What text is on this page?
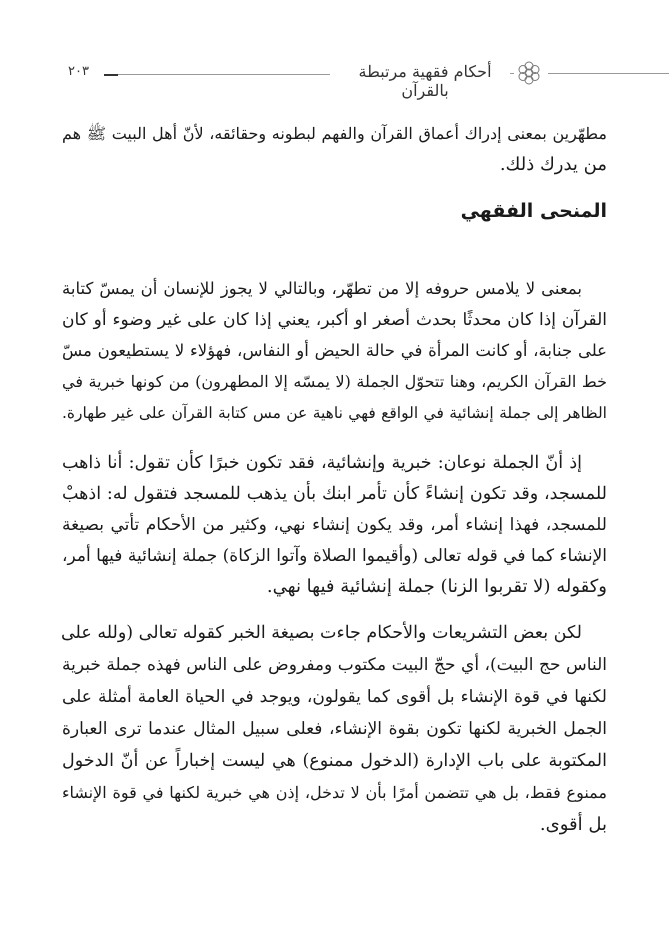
أحكام فقهية مرتبطة بالقرآن
٢٠٣
مطهّرين بمعنى إدراك أعماق القرآن والفهم لبطونه وحقائقه، لأنّ أهل البيت ﷺ هم
من يدرك ذلك.
المنحى الفقهي
بمعنى لا يلامس حروفه إلا من تطهّر، وبالتالي لا يجوز للإنسان أن يمسّ كتابة
القرآن إذا كان محدثًا بحدث أصغر او أكبر، يعني إذا كان على غير وضوء أو كان
على جنابة، أو كانت المرأة في حالة الحيض أو النفاس، فهؤلاء لا يستطيعون مسّ
خط القرآن الكريم، وهنا تتحوّل الجملة (لا يمسّه إلا المطهرون) من كونها خبرية في
الظاهر إلى جملة إنشائية في الواقع فهي ناهية عن مس كتابة القرآن على غير طهارة.
إذ أنّ الجملة نوعان: خبرية وإنشائية، فقد تكون خبرًا كأن تقول: أنا ذاهب
للمسجد، وقد تكون إنشاءً كأن تأمر ابنك بأن يذهب للمسجد فتقول له: اذهبْ
للمسجد، فهذا إنشاء أمر، وقد يكون إنشاء نهي، وكثير من الأحكام تأتي بصيغة
الإنشاء كما في قوله تعالى (وأقيموا الصلاة وآتوا الزكاة) جملة إنشائية فيها أمر،
وكقوله (لا تقربوا الزنا) جملة إنشائية فيها نهي.
لكن بعض التشريعات والأحكام جاءت بصيغة الخبر كقوله تعالى (ولله على
الناس حج البيت)، أي حجّ البيت مكتوب ومفروض على الناس فهذه جملة خبرية
لكنها في قوة الإنشاء بل أقوى كما يقولون، ويوجد في الحياة العامة أمثلة على
الجمل الخبرية لكنها تكون بقوة الإنشاء، فعلى سبيل المثال عندما ترى العبارة
المكتوبة على باب الإدارة (الدخول ممنوع) هي ليست إخباراً عن أنّ الدخول
ممنوع فقط، بل هي تتضمن أمرًا بأن لا تدخل، إذن هي خبرية لكنها في قوة الإنشاء
بل أقوى.
